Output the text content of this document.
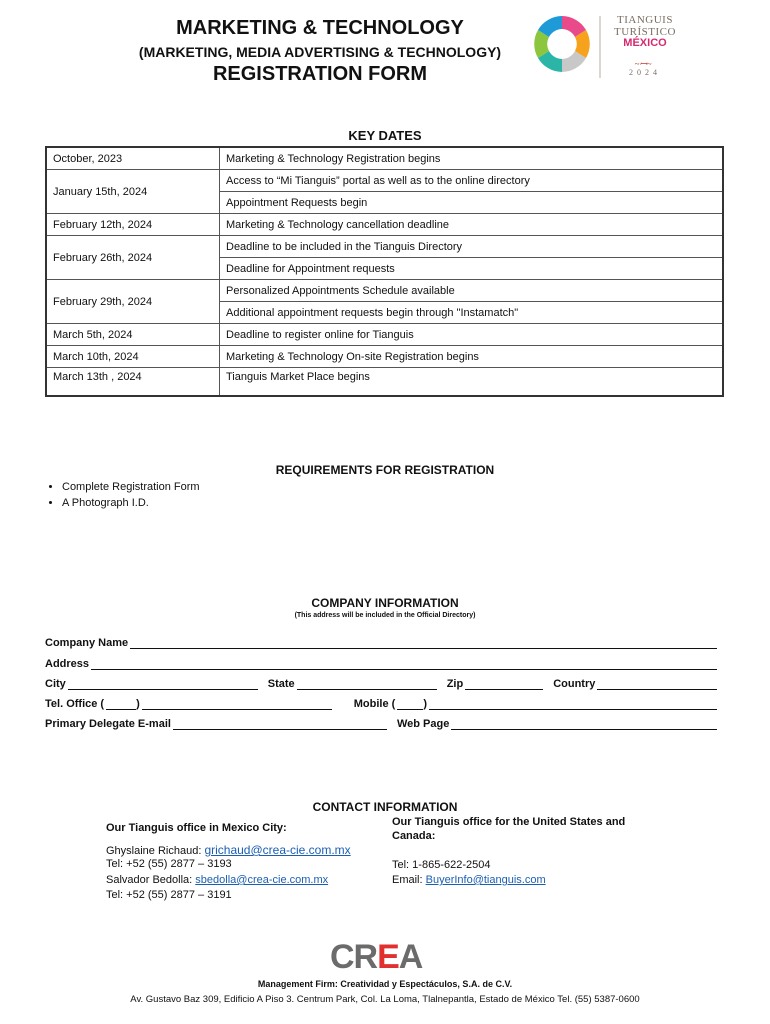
MARKETING & TECHNOLOGY
(MARKETING, MEDIA ADVERTISING & TECHNOLOGY)
REGISTRATION FORM	~ꟷ~
TIANGUIS
TURÍSTICO
MÉXICO
2024
KEY DATES
October, 2023	Marketing & Technology Registration begins
January 15th, 2024	Access to “Mi Tianguis” portal as well as to the online directory
	Appointment Requests begin
February 12th, 2024	Marketing & Technology cancellation deadline
February 26th, 2024	Deadline to be included in the Tianguis Directory
	Deadline for Appointment requests
February 29th, 2024	Personalized Appointments Schedule available
	Additional appointment requests begin through "Instamatch"
March 5th, 2024	Deadline to register online for Tianguis
March 10th, 2024	Marketing & Technology On-site Registration begins
March 13th , 2024	Tianguis Market Place begins
REQUIREMENTS FOR REGISTRATION
• Complete Registration Form
• A Photograph I.D.
COMPANY INFORMATION
(This address will be included in the Official Directory)
Company Name
Address
City	State	Zip	Country
Tel. Office (	)	Mobile (	)
Primary Delegate E-mail	Web Page
CONTACT INFORMATION
Our Tianguis office in Mexico City:	Our Tianguis office for the United States and Canada:
Ghyslaine Richaud: grichaud@crea-cie.com.mx
Tel: +52 (55) 2877 – 3193
Salvador Bedolla: sbedolla@crea-cie.com.mx
Tel: +52 (55) 2877 – 3191
Tel: 1-865-622-2504
Email: BuyerInfo@tianguis.com
CREA
Management Firm: Creatividad y Espectáculos, S.A. de C.V.
Av. Gustavo Baz 309, Edificio A Piso 3. Centrum Park, Col. La Loma, Tlalnepantla, Estado de México Tel. (55) 5387-0600
